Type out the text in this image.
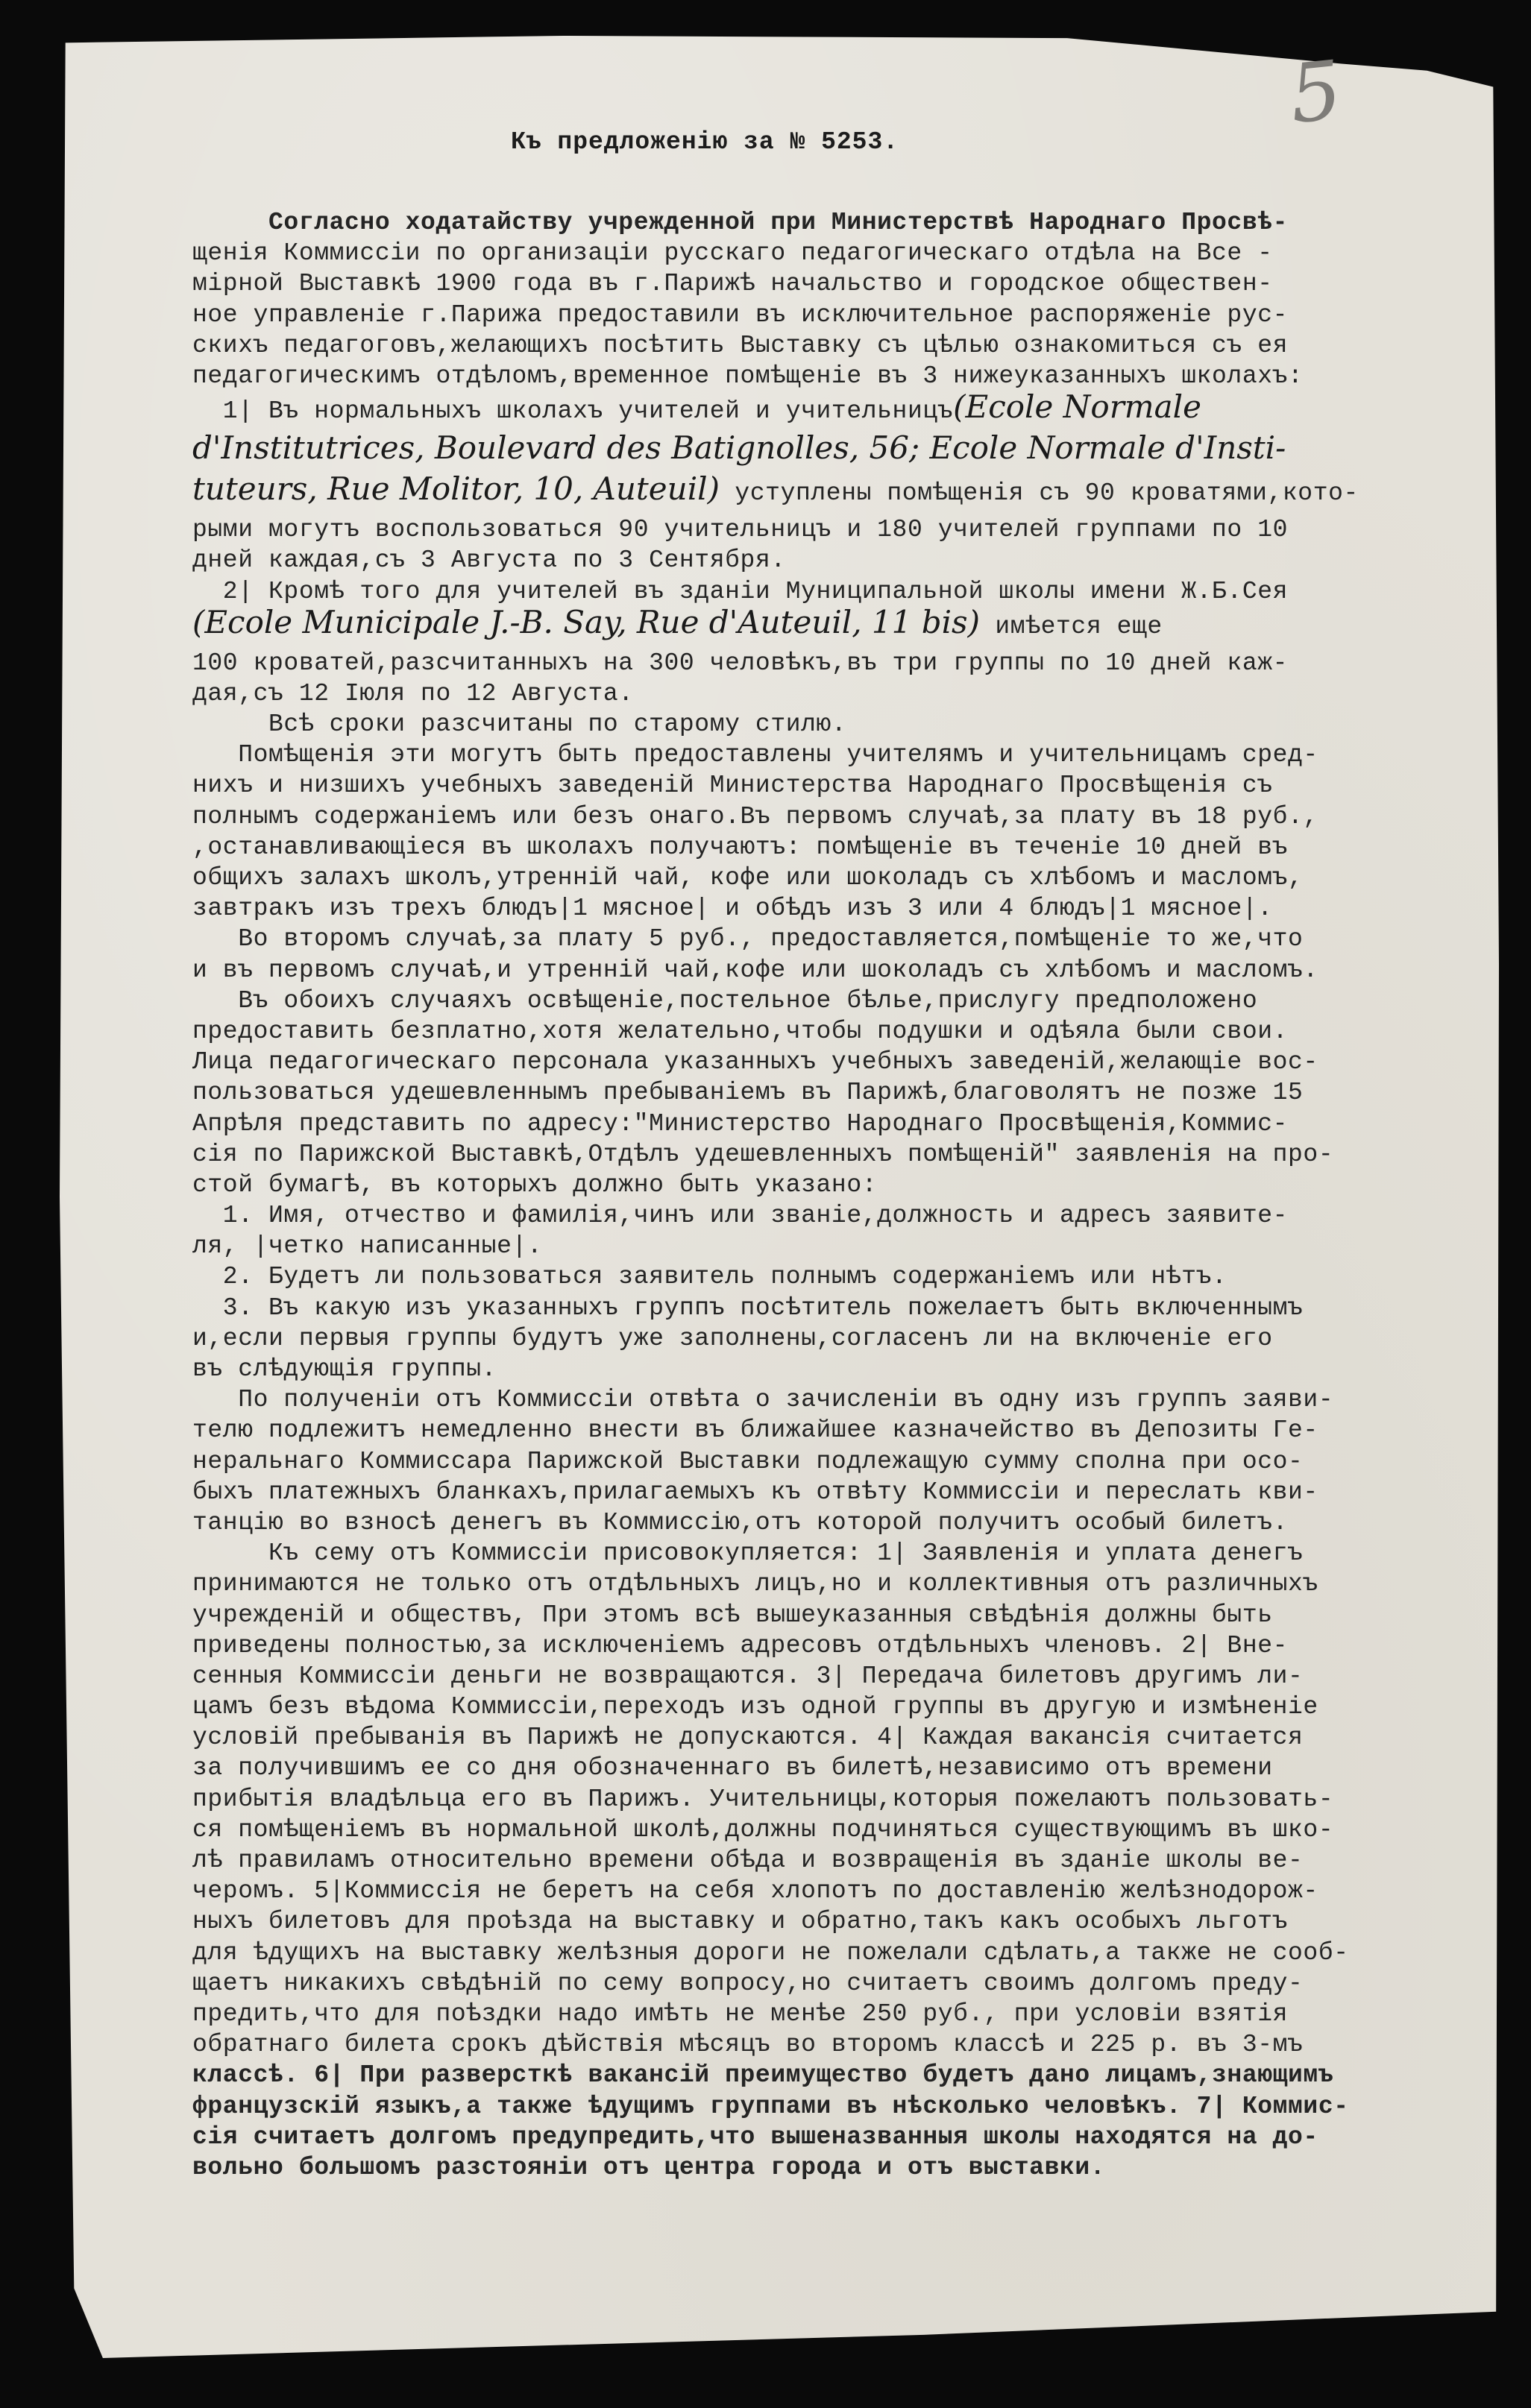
5
Къ предложенію за № 5253.
Согласно ходатайству учрежденной при Министерствѣ Народнаго Просвѣ-
щенія Коммиссіи по организаціи русскаго педагогическаго отдѣла на Все -
мірной Выставкѣ 1900 года въ г.Парижѣ начальство и городское обществен-
ное управленіе г.Парижа предоставили въ исключительное распоряженіе рус-
скихъ педагоговъ,желающихъ посѣтить Выставку съ цѣлью ознакомиться съ ея
педагогическимъ отдѣломъ,временное помѣщеніе въ 3 нижеуказанныхъ школахъ:
1| Въ нормальныхъ школахъ учителей и учительницъ(Ecole Normale
d'Institutrices, Boulevard des Batignolles, 56; Ecole Normale d'Insti-
tuteurs, Rue Molitor, 10, Auteuil) уступлены помѣщенія съ 90 кроватями,кото-
рыми могутъ воспользоваться 90 учительницъ и 180 учителей группами по 10
дней каждая,съ 3 Августа по 3 Сентября.
2| Кромѣ того для учителей въ зданіи Муниципальной школы имени Ж.Б.Сея
(Ecole Municipale J.-B. Say, Rue d'Auteuil, 11 bis) имѣется еще
100 кроватей,разсчитанныхъ на 300 человѣкъ,въ три группы по 10 дней каж-
дая,съ 12 Іюля по 12 Августа.
Всѣ сроки разсчитаны по старому стилю.
Помѣщенія эти могутъ быть предоставлены учителямъ и учительницамъ сред-
нихъ и низшихъ учебныхъ заведеній Министерства Народнаго Просвѣщенія съ
полнымъ содержаніемъ или безъ онаго.Въ первомъ случаѣ,за плату въ 18 руб.,
,останавливающіеся въ школахъ получаютъ: помѣщеніе въ теченіе 10 дней въ
общихъ залахъ школъ,утренній чай, кофе или шоколадъ съ хлѣбомъ и масломъ,
завтракъ изъ трехъ блюдъ|1 мясное| и обѣдъ изъ 3 или 4 блюдъ|1 мясное|.
Во второмъ случаѣ,за плату 5 руб., предоставляется,помѣщеніе то же,что
и въ первомъ случаѣ,и утренній чай,кофе или шоколадъ съ хлѣбомъ и масломъ.
Въ обоихъ случаяхъ освѣщеніе,постельное бѣлье,прислугу предположено
предоставить безплатно,хотя желательно,чтобы подушки и одѣяла были свои.
Лица педагогическаго персонала указанныхъ учебныхъ заведеній,желающіе вос-
пользоваться удешевленнымъ пребываніемъ въ Парижѣ,благоволятъ не позже 15
Апрѣля представить по адресу:"Министерство Народнаго Просвѣщенія,Коммис-
сія по Парижской Выставкѣ,Отдѣлъ удешевленныхъ помѣщеній" заявленія на про-
стой бумагѣ, въ которыхъ должно быть указано:
1. Имя, отчество и фамилія,чинъ или званіе,должность и адресъ заявите-
ля, |четко написанные|.
2. Будетъ ли пользоваться заявитель полнымъ содержаніемъ или нѣтъ.
3. Въ какую изъ указанныхъ группъ посѣтитель пожелаетъ быть включеннымъ
и,если первыя группы будутъ уже заполнены,согласенъ ли на включеніе его
въ слѣдующія группы.
По полученіи отъ Коммиссіи отвѣта о зачисленіи въ одну изъ группъ заяви-
телю подлежитъ немедленно внести въ ближайшее казначейство въ Депозиты Ге-
неральнаго Коммиссара Парижской Выставки подлежащую сумму сполна при осо-
быхъ платежныхъ бланкахъ,прилагаемыхъ къ отвѣту Коммиссіи и переслать кви-
танцію во взносѣ денегъ въ Коммиссію,отъ которой получитъ особый билетъ.
Къ сему отъ Коммиссіи присовокупляется: 1| Заявленія и уплата денегъ
принимаются не только отъ отдѣльныхъ лицъ,но и коллективныя отъ различныхъ
учрежденій и обществъ, При этомъ всѣ вышеуказанныя свѣдѣнія должны быть
приведены полностью,за исключеніемъ адресовъ отдѣльныхъ членовъ. 2| Вне-
сенныя Коммиссіи деньги не возвращаются. 3| Передача билетовъ другимъ ли-
цамъ безъ вѣдома Коммиссіи,переходъ изъ одной группы въ другую и измѣненіе
условій пребыванія въ Парижѣ не допускаются. 4| Каждая вакансія считается
за получившимъ ее со дня обозначеннаго въ билетѣ,независимо отъ времени
прибытія владѣльца его въ Парижъ. Учительницы,которыя пожелаютъ пользовать-
ся помѣщеніемъ въ нормальной школѣ,должны подчиняться существующимъ въ шко-
лѣ правиламъ относительно времени обѣда и возвращенія въ зданіе школы ве-
черомъ. 5|Коммиссія не беретъ на себя хлопотъ по доставленію желѣзнодорож-
ныхъ билетовъ для проѣзда на выставку и обратно,такъ какъ особыхъ льготъ
для ѣдущихъ на выставку желѣзныя дороги не пожелали сдѣлать,а также не сооб-
щаетъ никакихъ свѣдѣній по сему вопросу,но считаетъ своимъ долгомъ преду-
предить,что для поѣздки надо имѣть не менѣе 250 руб., при условіи взятія
обратнаго билета срокъ дѣйствія мѣсяцъ во второмъ классѣ и 225 р. въ 3-мъ
классѣ. 6| При разверсткѣ вакансій преимущество будетъ дано лицамъ,знающимъ
французскій языкъ,а также ѣдущимъ группами въ нѣсколько человѣкъ. 7| Коммис-
сія считаетъ долгомъ предупредить,что вышеназванныя школы находятся на до-
вольно большомъ разстояніи отъ центра города и отъ выставки.
